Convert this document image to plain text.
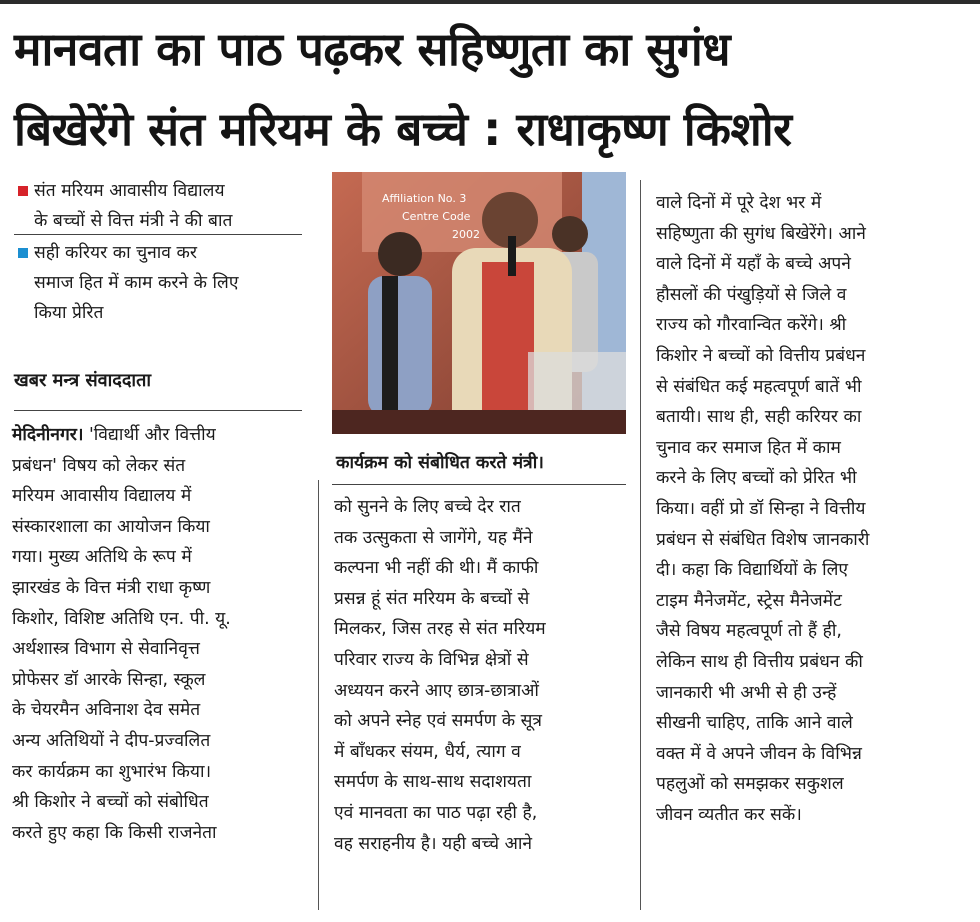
मानवता का पाठ पढ़कर सहिष्णुता का सुगंध
बिखेरेंगे संत मरियम के बच्चे : राधाकृष्ण किशोर
संत मरियम आवासीय विद्यालय
के बच्चों से वित्त मंत्री ने की बात
सही करियर का चुनाव कर
समाज हित में काम करने के लिए
किया प्रेरित
खबर मन्त्र संवाददाता

मेदिनीनगर। 'विद्यार्थी और वित्तीय

प्रबंधन' विषय को लेकर संत

मरियम आवासीय विद्यालय में

संस्कारशाला का आयोजन किया

गया। मुख्य अतिथि के रूप में

झारखंड के वित्त मंत्री राधा कृष्ण

किशोर, विशिष्ट अतिथि एन. पी. यू.

अर्थशास्त्र विभाग से सेवानिवृत्त

प्रोफेसर डॉ आरके सिन्हा, स्कूल

के चेयरमैन अविनाश देव समेत

अन्य अतिथियों ने दीप-प्रज्वलित

कर कार्यक्रम का शुभारंभ किया।

श्री किशोर ने बच्चों को संबोधित

करते हुए कहा कि किसी राजनेता

Affiliation No. 3
Centre Code
2002
कार्यक्रम को संबोधित करते मंत्री।

को सुनने के लिए बच्चे देर रात

तक उत्सुकता से जागेंगे, यह मैंने

कल्पना भी नहीं की थी। मैं काफी

प्रसन्न हूं संत मरियम के बच्चों से

मिलकर, जिस तरह से संत मरियम

परिवार राज्य के विभिन्न क्षेत्रों से

अध्ययन करने आए छात्र-छात्राओं

को अपने स्नेह एवं समर्पण के सूत्र

में बाँधकर संयम, धैर्य, त्याग व

समर्पण के साथ-साथ सदाशयता

एवं मानवता का पाठ पढ़ा रही है,

वह सराहनीय है। यही बच्चे आने

वाले दिनों में पूरे देश भर में

सहिष्णुता की सुगंध बिखेरेंगे। आने

वाले दिनों में यहाँ के बच्चे अपने

हौसलों की पंखुड़ियों से जिले व

राज्य को गौरवान्वित करेंगे। श्री

किशोर ने बच्चों को वित्तीय प्रबंधन

से संबंधित कई महत्वपूर्ण बातें भी

बतायी। साथ ही, सही करियर का

चुनाव कर समाज हित में काम

करने के लिए बच्चों को प्रेरित भी

किया। वहीं प्रो डॉ सिन्हा ने वित्तीय

प्रबंधन से संबंधित विशेष जानकारी

दी। कहा कि विद्यार्थियों के लिए

टाइम मैनेजमेंट, स्ट्रेस मैनेजमेंट

जैसे विषय महत्वपूर्ण तो हैं ही,

लेकिन साथ ही वित्तीय प्रबंधन की

जानकारी भी अभी से ही उन्हें

सीखनी चाहिए, ताकि आने वाले

वक्त में वे अपने जीवन के विभिन्न

पहलुओं को समझकर सकुशल

जीवन व्यतीत कर सकें।
